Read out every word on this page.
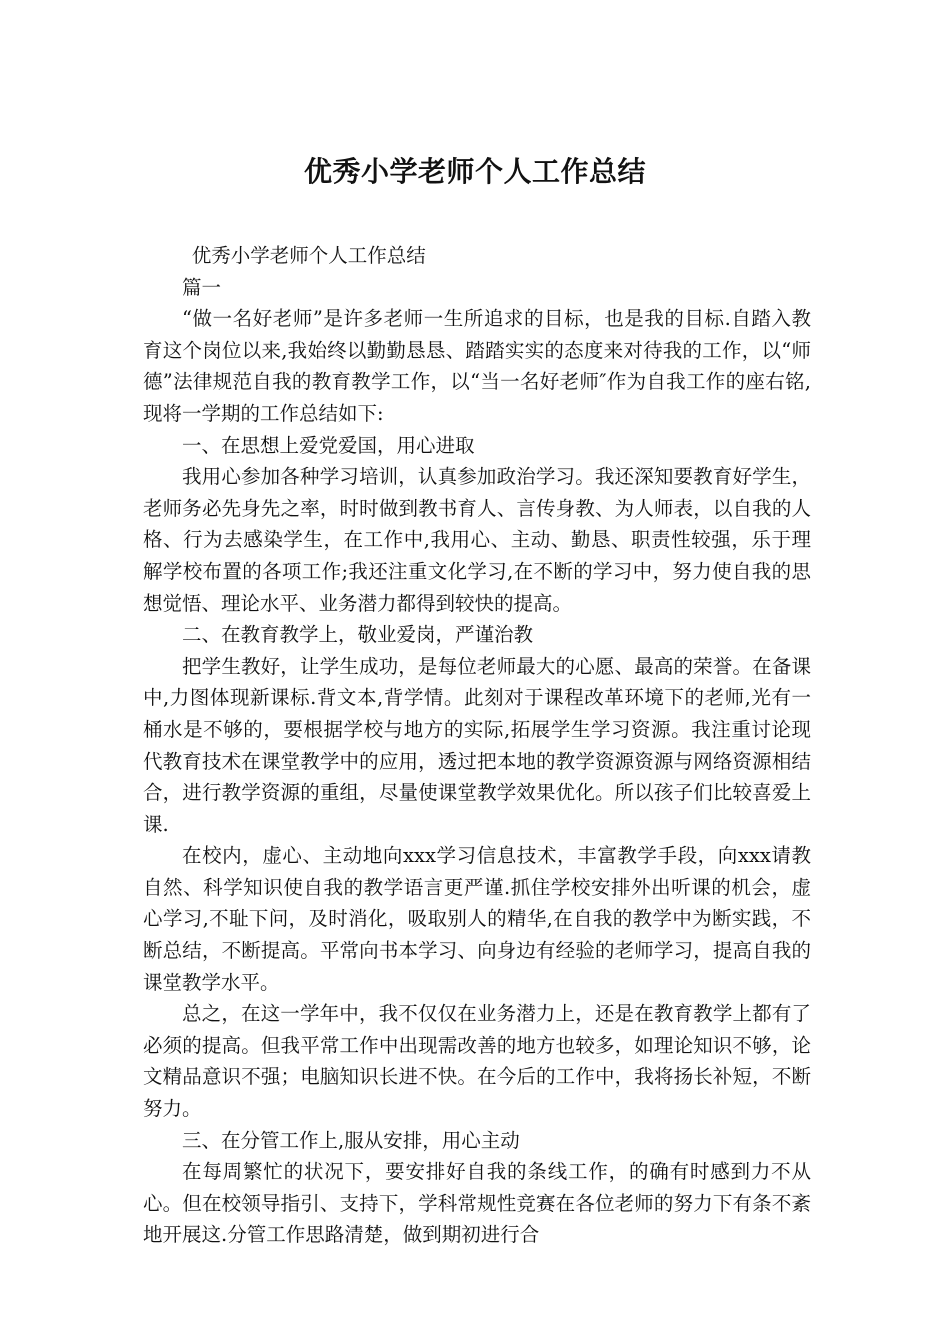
优秀小学老师个人工作总结

优秀小学老师个人工作总结

篇一

“做一名好老师”是许多老师一生所追求的目标，也是我的目标.自踏入教育这个岗位以来,我始终以勤勤恳恳、踏踏实实的态度来对待我的工作，以“师德”法律规范自我的教育教学工作，以“当一名好老师″作为自我工作的座右铭,现将一学期的工作总结如下:

一、在思想上爱党爱国，用心进取

我用心参加各种学习培训，认真参加政治学习。我还深知要教育好学生，老师务必先身先之率，时时做到教书育人、言传身教、为人师表，以自我的人格、行为去感染学生，在工作中,我用心、主动、勤恳、职责性较强，乐于理解学校布置的各项工作;我还注重文化学习,在不断的学习中，努力使自我的思想觉悟、理论水平、业务潜力都得到较快的提高。

二、在教育教学上，敬业爱岗，严谨治教

把学生教好，让学生成功，是每位老师最大的心愿、最高的荣誉。在备课中,力图体现新课标.背文本,背学情。此刻对于课程改革环境下的老师,光有一桶水是不够的，要根据学校与地方的实际,拓展学生学习资源。我注重讨论现代教育技术在课堂教学中的应用，透过把本地的教学资源资源与网络资源相结合，进行教学资源的重组，尽量使课堂教学效果优化。所以孩子们比较喜爱上课.

在校内，虚心、主动地向xxx学习信息技术，丰富教学手段，向xxx请教自然、科学知识使自我的教学语言更严谨.抓住学校安排外出听课的机会，虚心学习,不耻下问，及时消化，吸取别人的精华,在自我的教学中为断实践，不断总结，不断提高。平常向书本学习、向身边有经验的老师学习，提高自我的课堂教学水平。

总之，在这一学年中，我不仅仅在业务潜力上，还是在教育教学上都有了必须的提高。但我平常工作中出现需改善的地方也较多，如理论知识不够，论文精品意识不强；电脑知识长进不快。在今后的工作中，我将扬长补短，不断努力。

三、在分管工作上,服从安排，用心主动

在每周繁忙的状况下，要安排好自我的条线工作，的确有时感到力不从心。但在校领导指引、支持下，学科常规性竞赛在各位老师的努力下有条不紊地开展这.分管工作思路清楚，做到期初进行合
